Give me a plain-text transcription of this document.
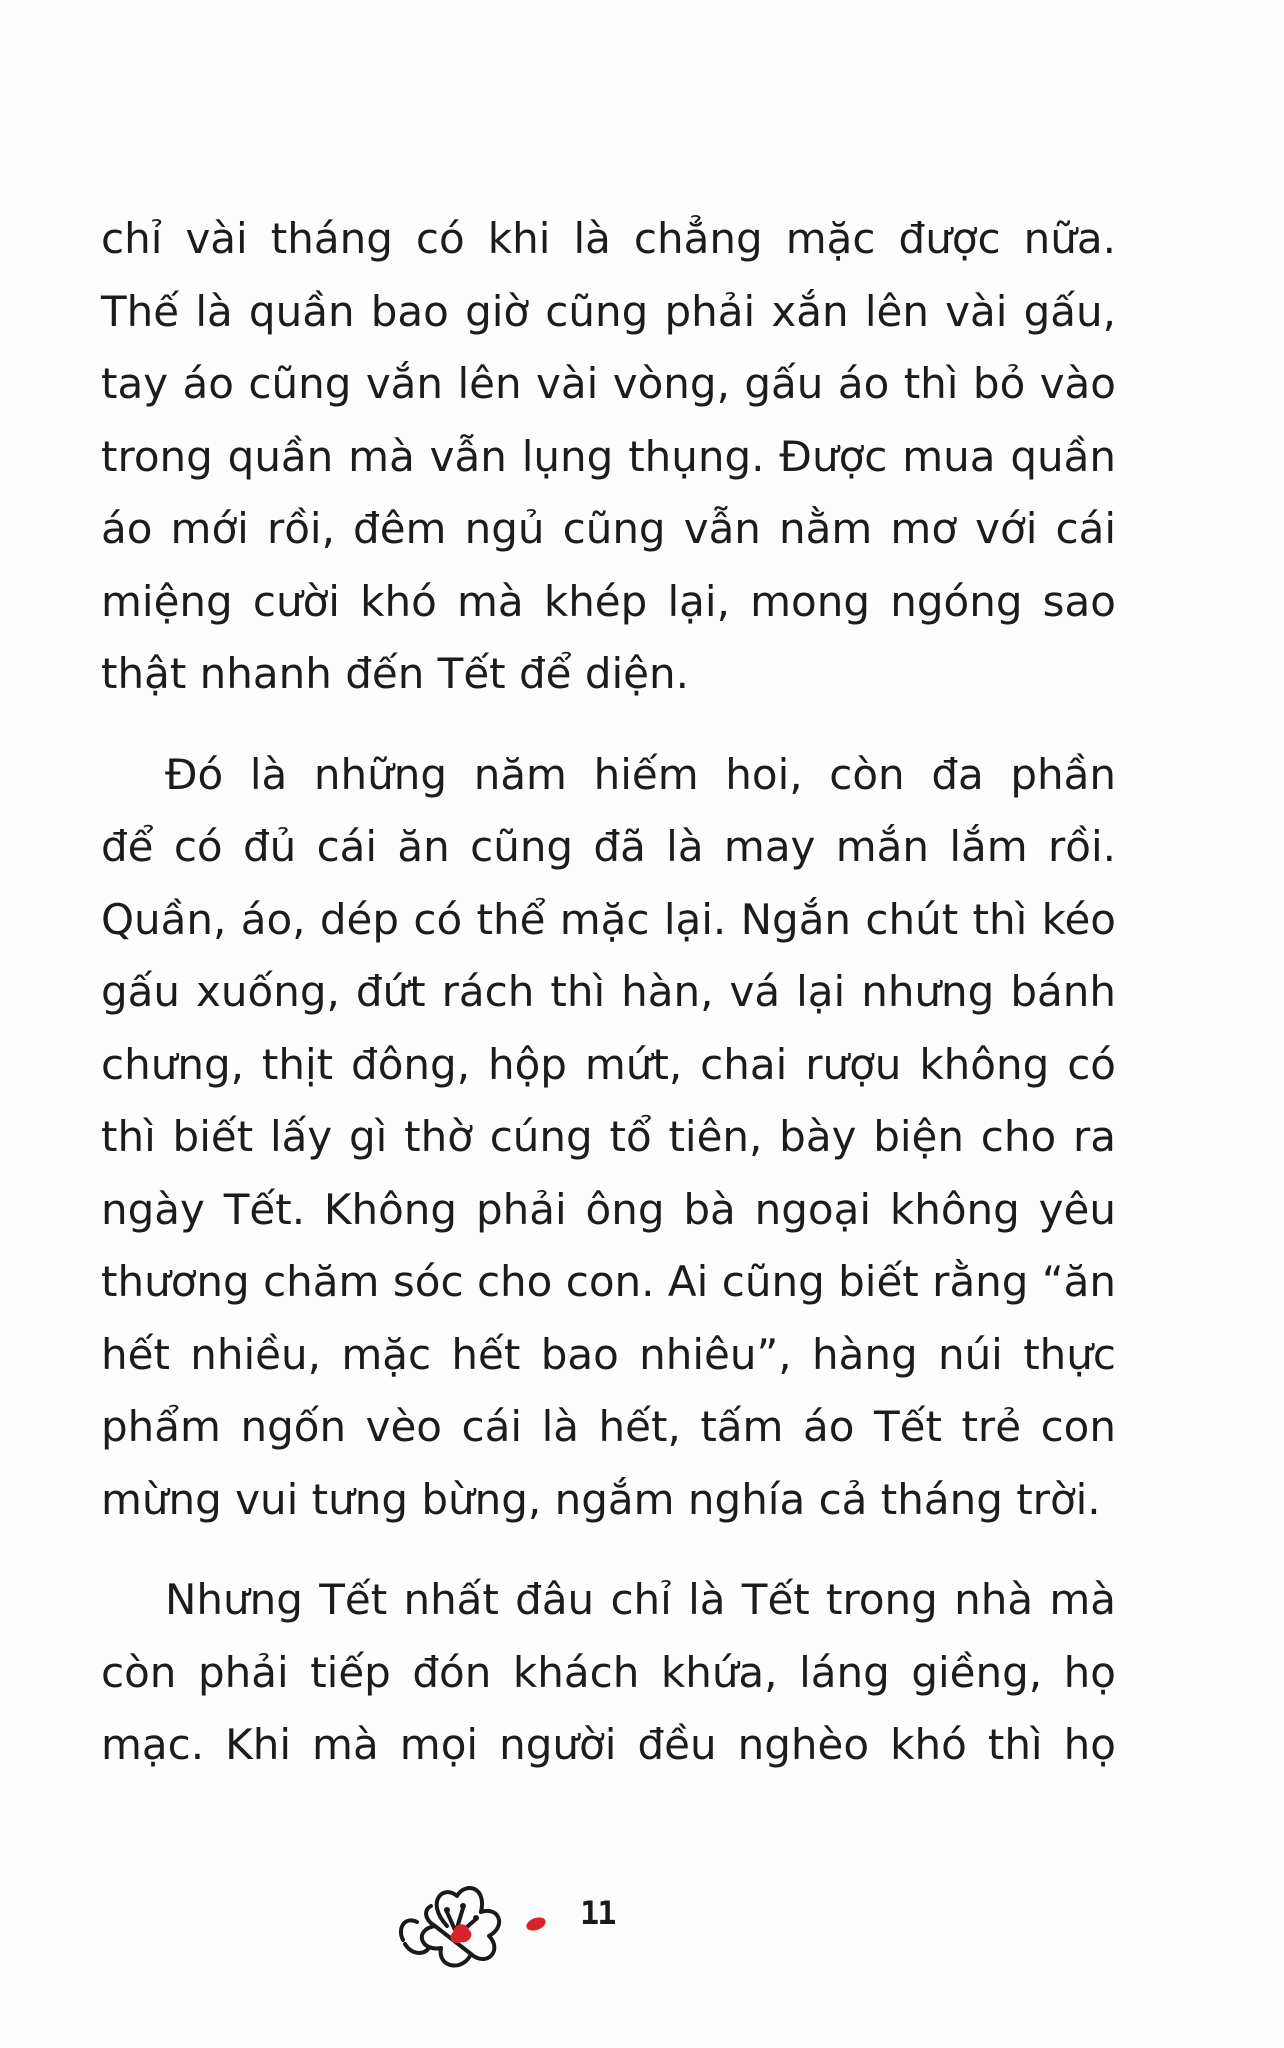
chỉ vài tháng có khi là chẳng mặc được nữa.
Thế là quần bao giờ cũng phải xắn lên vài gấu,
tay áo cũng vắn lên vài vòng, gấu áo thì bỏ vào
trong quần mà vẫn lụng thụng. Được mua quần
áo mới rồi, đêm ngủ cũng vẫn nằm mơ với cái
miệng cười khó mà khép lại, mong ngóng sao
thật nhanh đến Tết để diện.
Đó là những năm hiếm hoi, còn đa phần
để có đủ cái ăn cũng đã là may mắn lắm rồi.
Quần, áo, dép có thể mặc lại. Ngắn chút thì kéo
gấu xuống, đứt rách thì hàn, vá lại nhưng bánh
chưng, thịt đông, hộp mứt, chai rượu không có
thì biết lấy gì thờ cúng tổ tiên, bày biện cho ra
ngày Tết. Không phải ông bà ngoại không yêu
thương chăm sóc cho con. Ai cũng biết rằng “ăn
hết nhiều, mặc hết bao nhiêu”, hàng núi thực
phẩm ngốn vèo cái là hết, tấm áo Tết trẻ con
mừng vui tưng bừng, ngắm nghía cả tháng trời.
Nhưng Tết nhất đâu chỉ là Tết trong nhà mà
còn phải tiếp đón khách khứa, láng giềng, họ
mạc. Khi mà mọi người đều nghèo khó thì họ
11
